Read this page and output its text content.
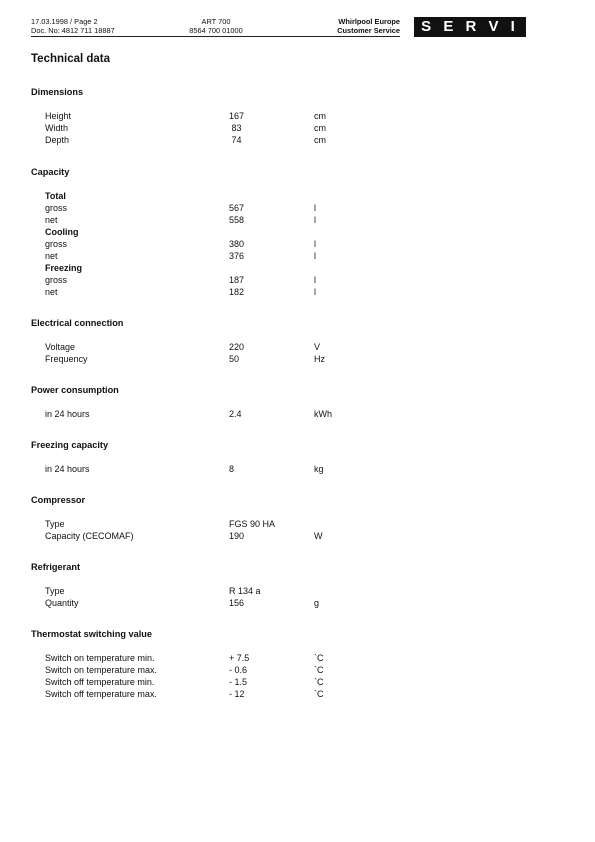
17.03.1998 / Page 2
Doc. No: 4812 711 18887
ART 700
8564 700 01000
Whirlpool Europe
Customer Service	S E R V I C E
Technical data
Dimensions
Height	167	cm
Width	83	cm
Depth	74	cm
Capacity
Total
gross	567	l
net	558	l
Cooling
gross	380	l
net	376	l
Freezing
gross	187	l
net	182	l
Electrical connection
Voltage	220	V
Frequency	50	Hz
Power consumption
in 24 hours	2.4	kWh
Freezing capacity
in 24 hours	8	kg
Compressor
Type	FGS 90 HA
Capacity (CECOMAF)	190	W
Refrigerant
Type	R 134 a
Quantity	156	g
Thermostat switching value
Switch on temperature min.	+ 7.5	`C
Switch on temperature max.	- 0.6	`C
Switch off temperature min.	- 1.5	`C
Switch off temperature max.	- 12	`C
